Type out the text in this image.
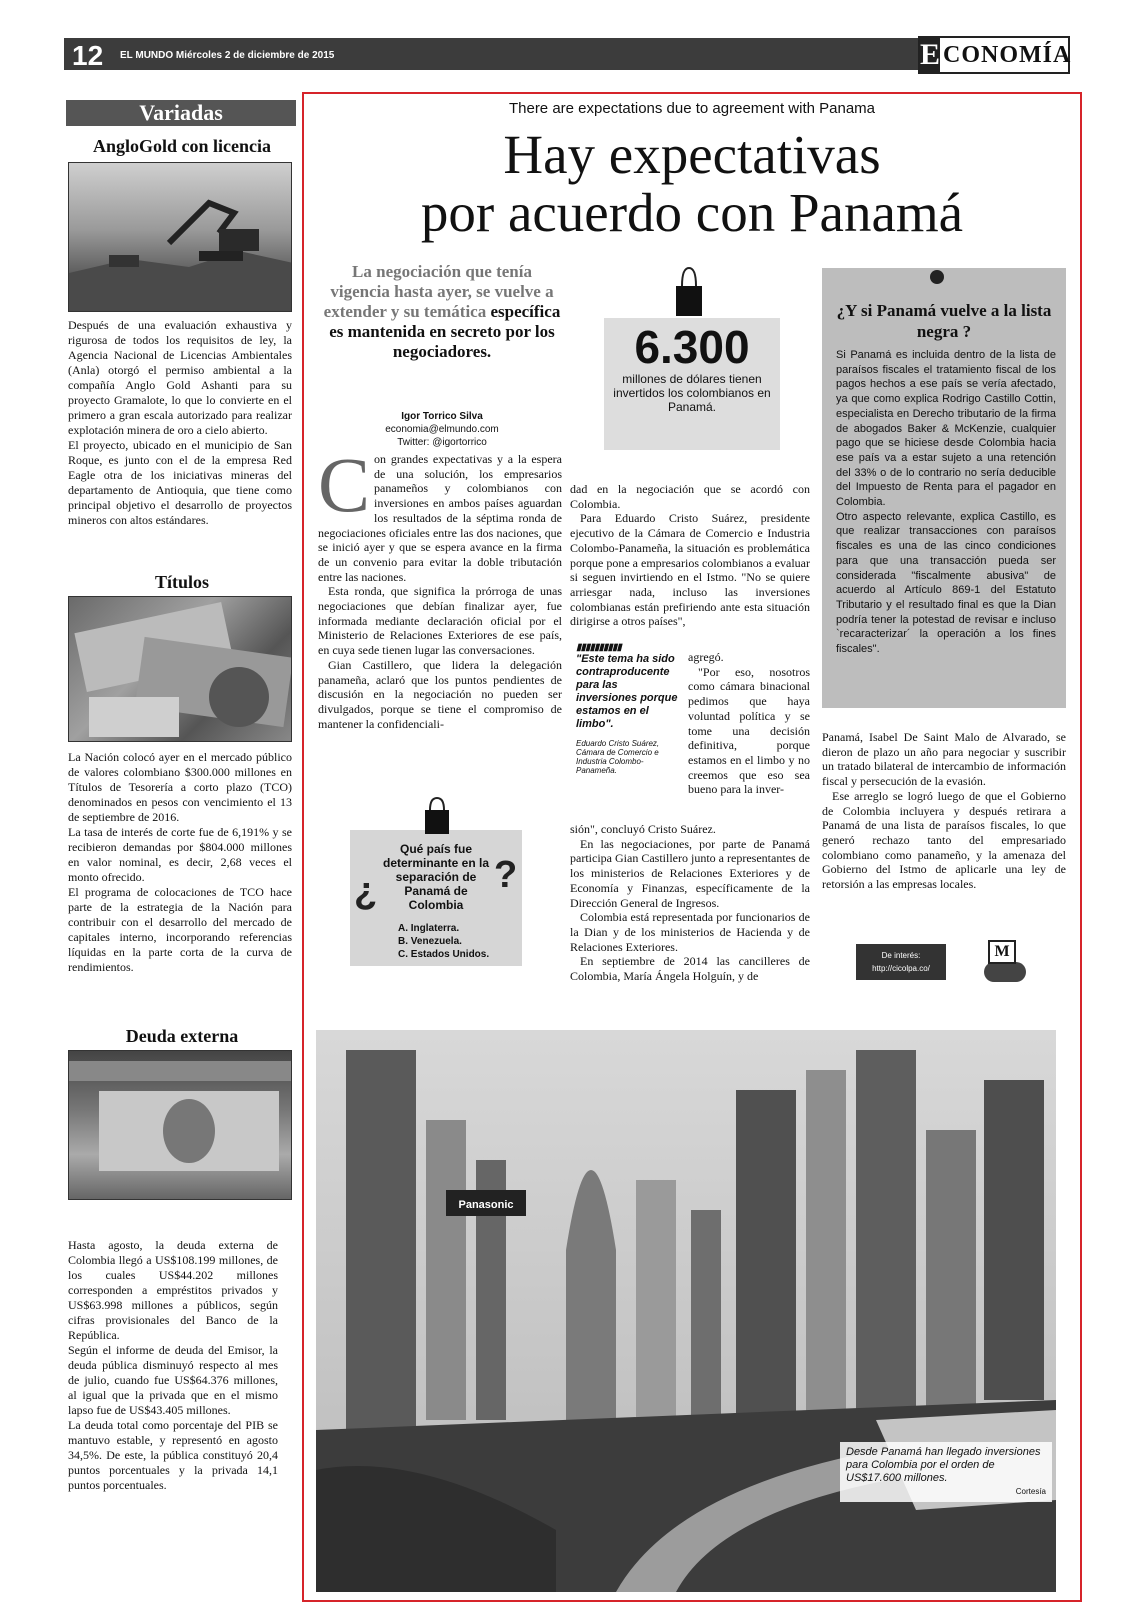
12 EL MUNDO Miércoles 2 de diciembre de 2015	E CONOMÍA
Variadas
AngloGold con licencia

Después de una evaluación exhaustiva y rigurosa de todos los requisitos de ley, la Agencia Nacional de Licencias Ambientales (Anla) otorgó el permiso ambiental a la compañía Anglo Gold Ashanti para su proyecto Gramalote, lo que lo convierte en el primero a gran escala autorizado para realizar explotación minera de oro a cielo abierto.

El proyecto, ubicado en el municipio de San Roque, es junto con el de la empresa Red Eagle otra de los iniciativas mineras del departamento de Antioquia, que tiene como principal objetivo el desarrollo de proyectos mineros con altos estándares.

Títulos

La Nación colocó ayer en el mercado público de valores colombiano $300.000 millones en Títulos de Tesorería a corto plazo (TCO) denominados en pesos con vencimiento el 13 de septiembre de 2016.

La tasa de interés de corte fue de 6,191% y se recibieron demandas por $804.000 millones en valor nominal, es decir, 2,68 veces el monto ofrecido.

El programa de colocaciones de TCO hace parte de la estrategia de la Nación para contribuir con el desarrollo del mercado de capitales interno, incorporando referencias líquidas en la parte corta de la curva de rendimientos.

Deuda externa

Hasta agosto, la deuda externa de Colombia llegó a US$108.199 millones, de los cuales US$44.202 millones corresponden a empréstitos privados y US$63.998 millones a públicos, según cifras provisionales del Banco de la República.

Según el informe de deuda del Emisor, la deuda pública disminuyó respecto al mes de julio, cuando fue US$64.376 millones, al igual que la privada que en el mismo lapso fue de US$43.405 millones.

La deuda total como porcentaje del PIB se mantuvo estable, y representó en agosto 34,5%. De este, la pública constituyó 20,4 puntos porcentuales y la privada 14,1 puntos porcentuales.

There are expectations due to agreement with Panama
Hay expectativas
por acuerdo con Panamá
La negociación que tenía vigencia hasta ayer, se vuelve a extender y su temática específica es mantenida en secreto por los negociadores.
Igor Torrico Silva
economia@elmundo.com
Twitter: @igortorrico
C on grandes expectativas y a la espera de una solución, los empresarios panameños y colombianos con inversiones en ambos países aguardan los resultados de la séptima ronda de negociaciones oficiales entre las dos naciones, que se inició ayer y que se espera avance en la firma de un convenio para evitar la doble tributación entre las naciones.

Esta ronda, que significa la prórroga de unas negociaciones que debían finalizar ayer, fue informada mediante declaración oficial por el Ministerio de Relaciones Exteriores de ese país, en cuya sede tienen lugar las conversaciones.

Gian Castillero, que lidera la delegación panameña, aclaró que los puntos pendientes de discusión en la negociación no pueden ser divulgados, porque se tiene el compromiso de mantener la confidenciali-

¿	?
Qué país fue determinante en la separación de Panamá de Colombia
A. Inglaterra.
B. Venezuela.
C. Estados Unidos.
6.300
millones de dólares tienen invertidos los colombianos en Panamá.

dad en la negociación que se acordó con Colombia.

Para Eduardo Cristo Suárez, presidente ejecutivo de la Cámara de Comercio e Industria Colombo-Panameña, la situación es problemática porque pone a empresarios colombianos a evaluar si seguen invirtiendo en el Istmo. "No se quiere arriesgar nada, incluso las inversiones colombianas están prefiriendo ante esta situación dirigirse a otros países",

agregó.

"Por eso, nosotros como cámara binacional pedimos que haya voluntad política y se tome una decisión definitiva, porque estamos en el limbo y no creemos que eso sea bueno para la inver-

▮▮▮▮▮▮▮▮▮▮
"Este tema ha sido contraproducente para las inversiones porque estamos en el limbo".
Eduardo Cristo Suárez, Cámara de Comercio e Industria Colombo-Panameña.

sión", concluyó Cristo Suárez.

En las negociaciones, por parte de Panamá participa Gian Castillero junto a representantes de los ministerios de Relaciones Exteriores y de Economía y Finanzas, específicamente de la Dirección General de Ingresos.

Colombia está representada por funcionarios de la Dian y de los ministerios de Hacienda y de Relaciones Exteriores.

En septiembre de 2014 las cancilleres de Colombia, María Ángela Holguín, y de

¿Y si Panamá vuelve a la lista negra ?

Si Panamá es incluida dentro de la lista de paraísos fiscales el tratamiento fiscal de los pagos hechos a ese país se vería afectado, ya que como explica Rodrigo Castillo Cottin, especialista en Derecho tributario de la firma de abogados Baker & McKenzie, cualquier pago que se hiciese desde Colombia hacia ese país va a estar sujeto a una retención del 33% o de lo contrario no sería deducible del Impuesto de Renta para el pagador en Colombia.

Otro aspecto relevante, explica Castillo, es que realizar transacciones con paraísos fiscales es una de las cinco condiciones para que una transacción pueda ser considerada "fiscalmente abusiva" de acuerdo al Artículo 869-1 del Estatuto Tributario y el resultado final es que la Dian podría tener la potestad de revisar e incluso `recaracterizar´ la operación a los fines fiscales".

Panamá, Isabel De Saint Malo de Alvarado, se dieron de plazo un año para negociar y suscribir un tratado bilateral de intercambio de información fiscal y persecución de la evasión.

Ese arreglo se logró luego de que el Gobierno de Colombia incluyera y después retirara a Panamá de una lista de paraísos fiscales, lo que generó rechazo tanto del empresariado colombiano como panameño, y la amenaza del Gobierno del Istmo de aplicarle una ley de retorsión a las empresas locales.

De interés:
http://cicolpa.co/
M
Panasonic
Desde Panamá han llegado inversiones para Colombia por el orden de US$17.600 millones.
Cortesía
